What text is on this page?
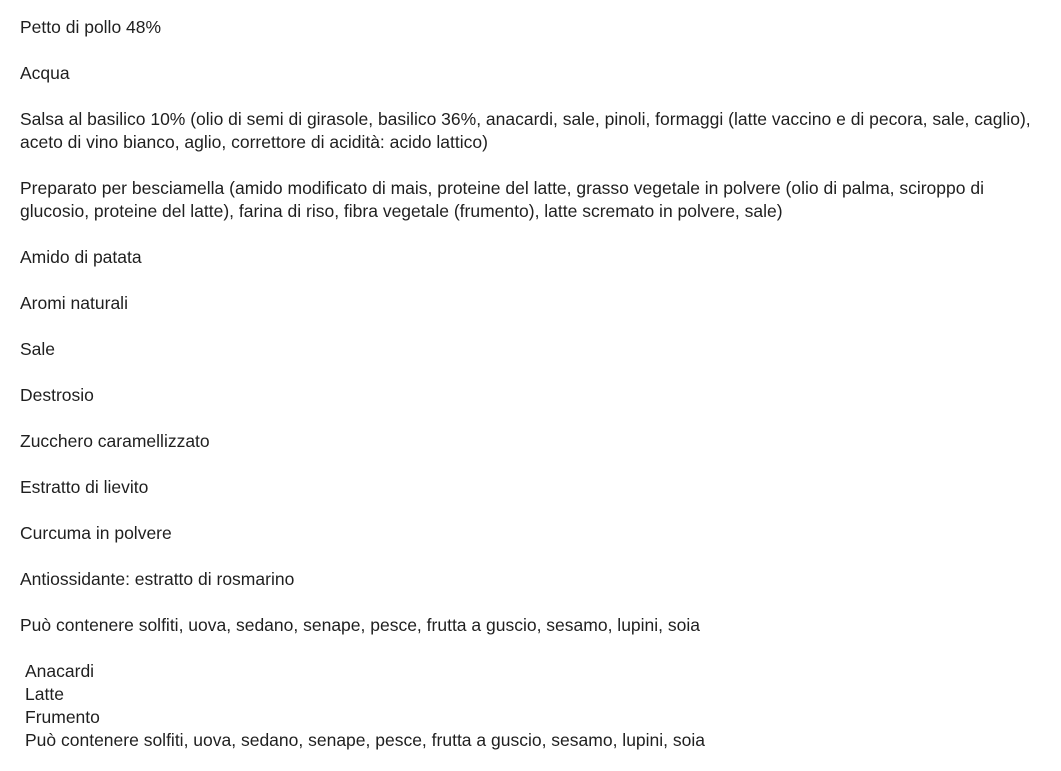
Petto di pollo 48%
Acqua
Salsa al basilico 10% (olio di semi di girasole, basilico 36%, anacardi, sale, pinoli, formaggi (latte vaccino e di pecora, sale, caglio), aceto di vino bianco, aglio, correttore di acidità: acido lattico)
Preparato per besciamella (amido modificato di mais, proteine del latte, grasso vegetale in polvere (olio di palma, sciroppo di glucosio, proteine del latte), farina di riso, fibra vegetale (frumento), latte scremato in polvere, sale)
Amido di patata
Aromi naturali
Sale
Destrosio
Zucchero caramellizzato
Estratto di lievito
Curcuma in polvere
Antiossidante: estratto di rosmarino
Può contenere solfiti, uova, sedano, senape, pesce, frutta a guscio, sesamo, lupini, soia
Anacardi
Latte
Frumento
Può contenere solfiti, uova, sedano, senape, pesce, frutta a guscio, sesamo, lupini, soia
